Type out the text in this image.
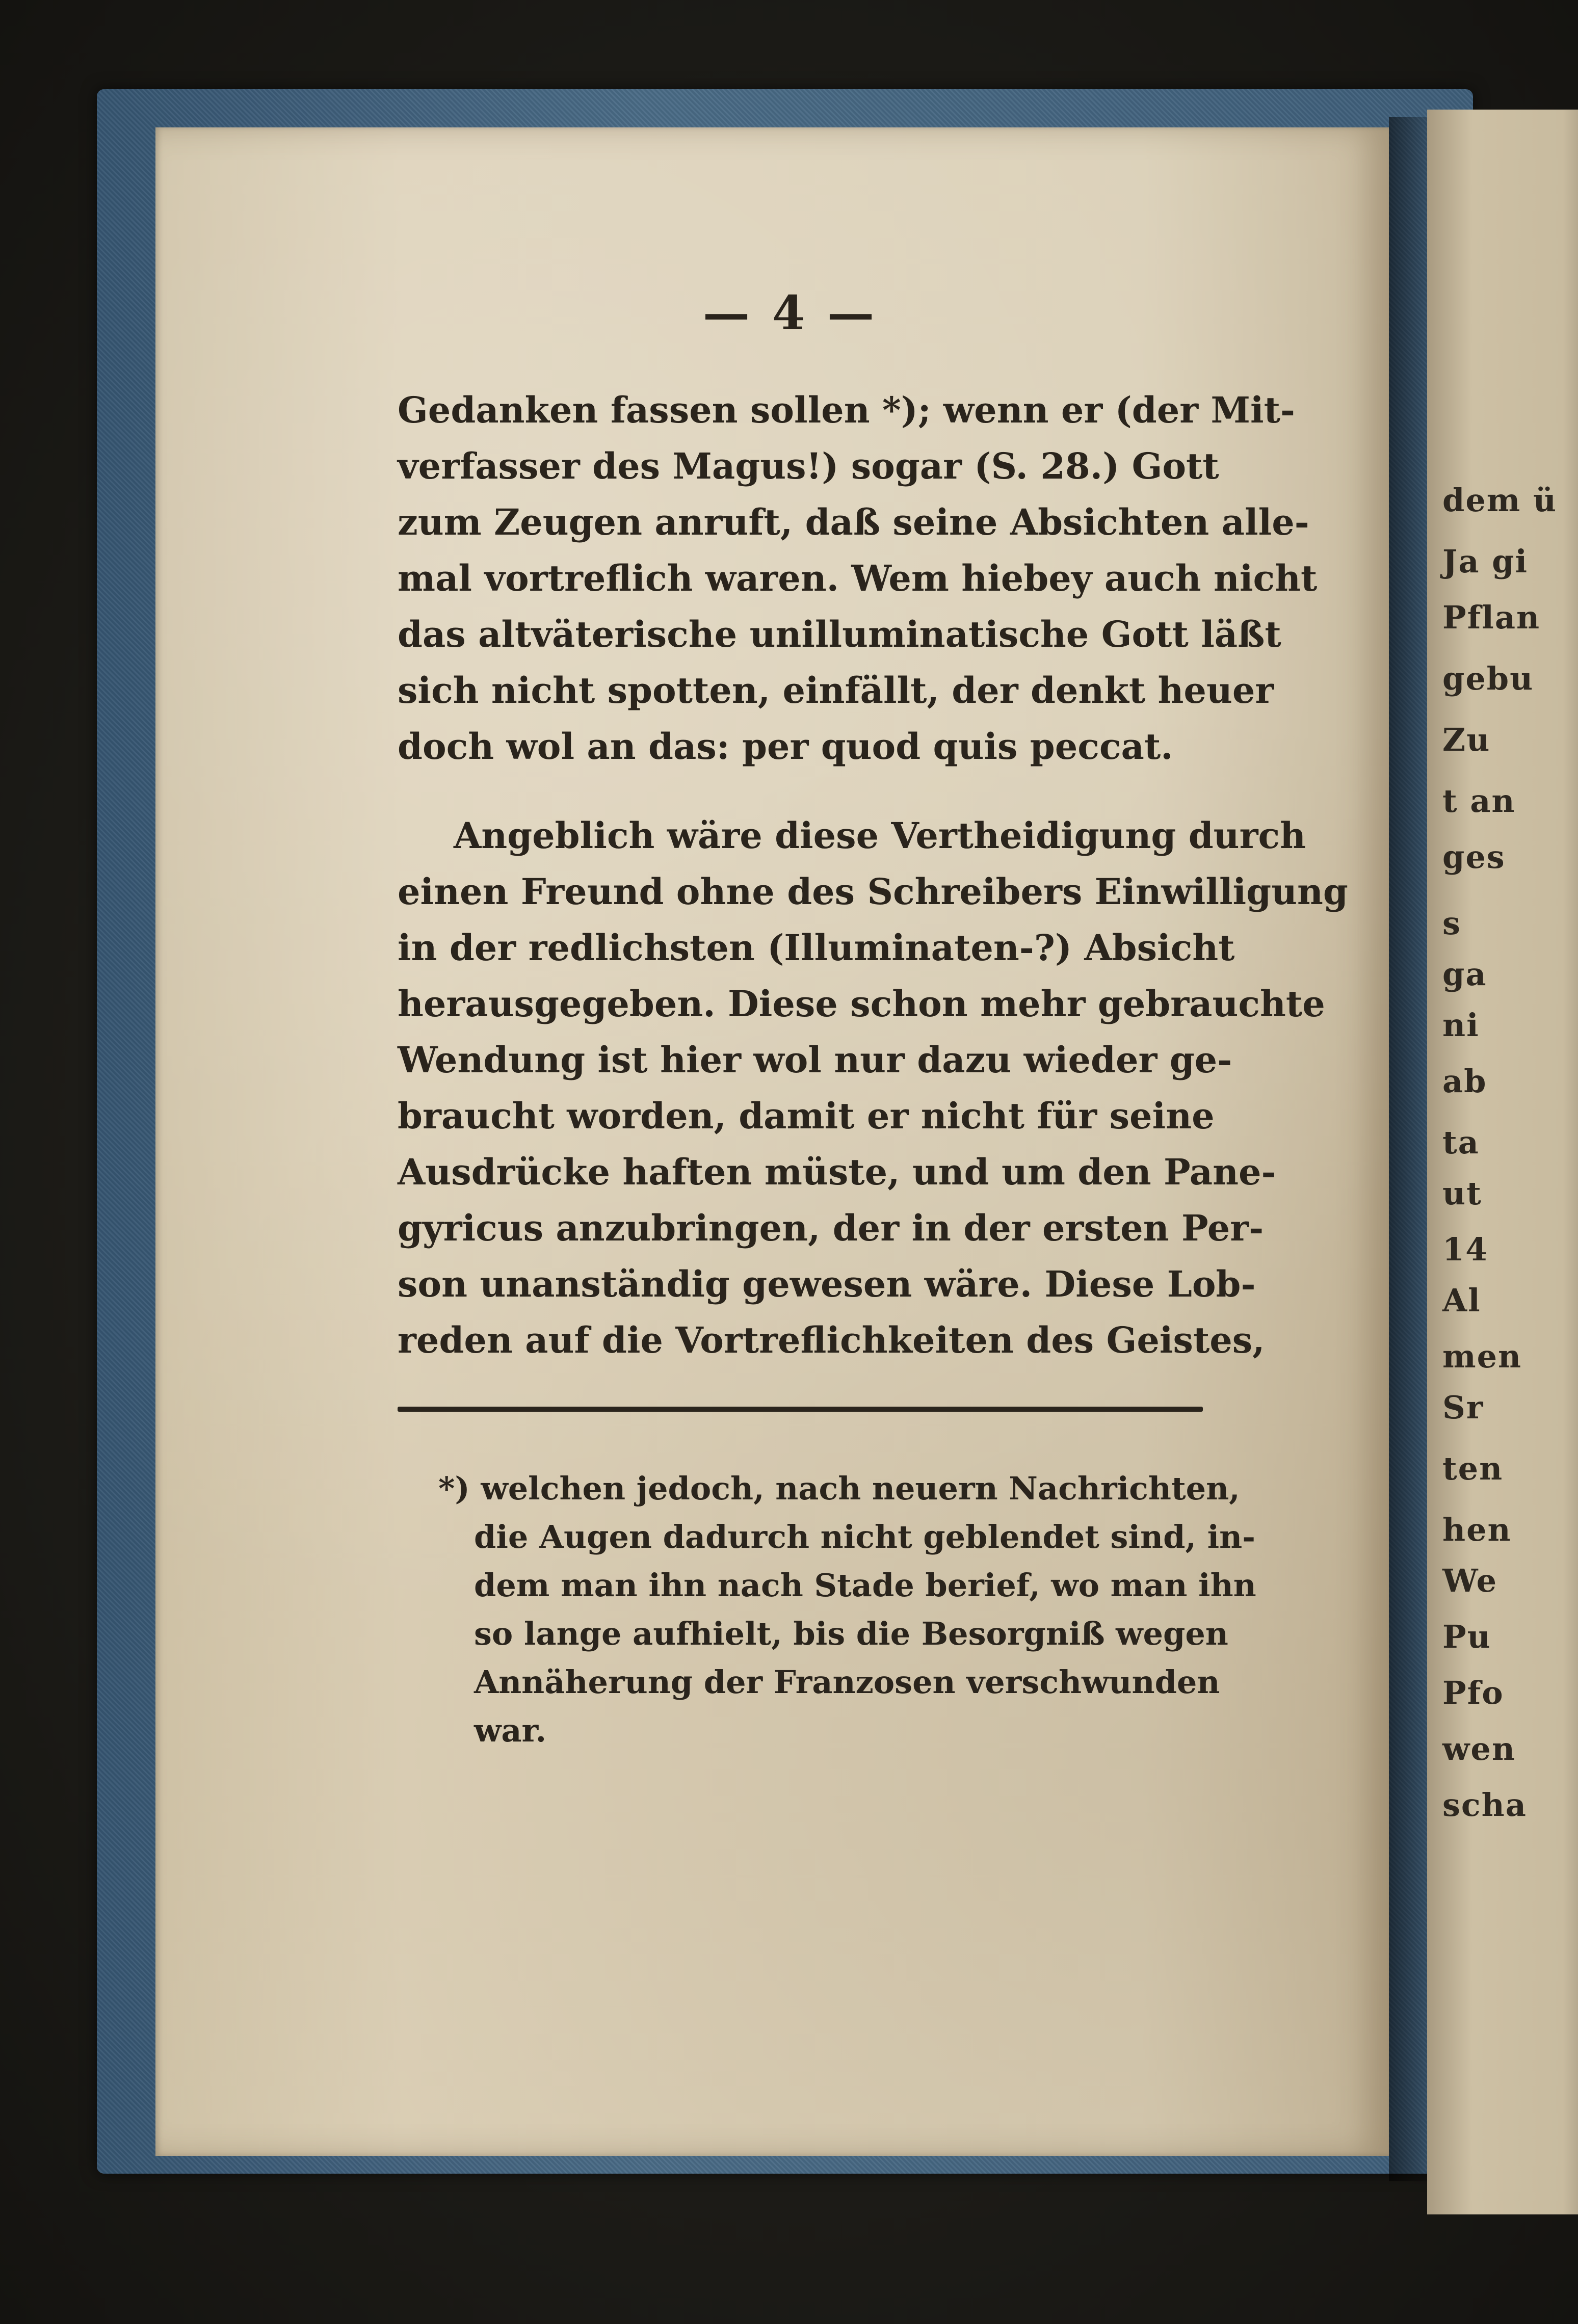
dem ü
Ja gi
Pflan
gebu
Zu
t an
ges
s
ga
ni
ab
ta
ut
14
Al
men
Sr
ten
hen
We
Pu
Pfo
wen
scha
— 4 —
Gedanken fassen sollen *); wenn er (der Mit-
verfasser des Magus!) sogar (S. 28.) Gott
zum Zeugen anruft, daß seine Absichten alle-
mal vortreflich waren. Wem hiebey auch nicht
das altväterische unilluminatische Gott läßt
sich nicht spotten, einfällt, der denkt heuer
doch wol an das: per quod quis peccat.
Angeblich wäre diese Vertheidigung durch
einen Freund ohne des Schreibers Einwilligung
in der redlichsten (Illuminaten-?) Absicht
herausgegeben. Diese schon mehr gebrauchte
Wendung ist hier wol nur dazu wieder ge-
braucht worden, damit er nicht für seine
Ausdrücke haften müste, und um den Pane-
gyricus anzubringen, der in der ersten Per-
son unanständig gewesen wäre. Diese Lob-
reden auf die Vortreflichkeiten des Geistes,
*) welchen jedoch, nach neuern Nachrichten,
die Augen dadurch nicht geblendet sind, in-
dem man ihn nach Stade berief, wo man ihn
so lange aufhielt, bis die Besorgniß wegen
Annäherung der Franzosen verschwunden
war.
